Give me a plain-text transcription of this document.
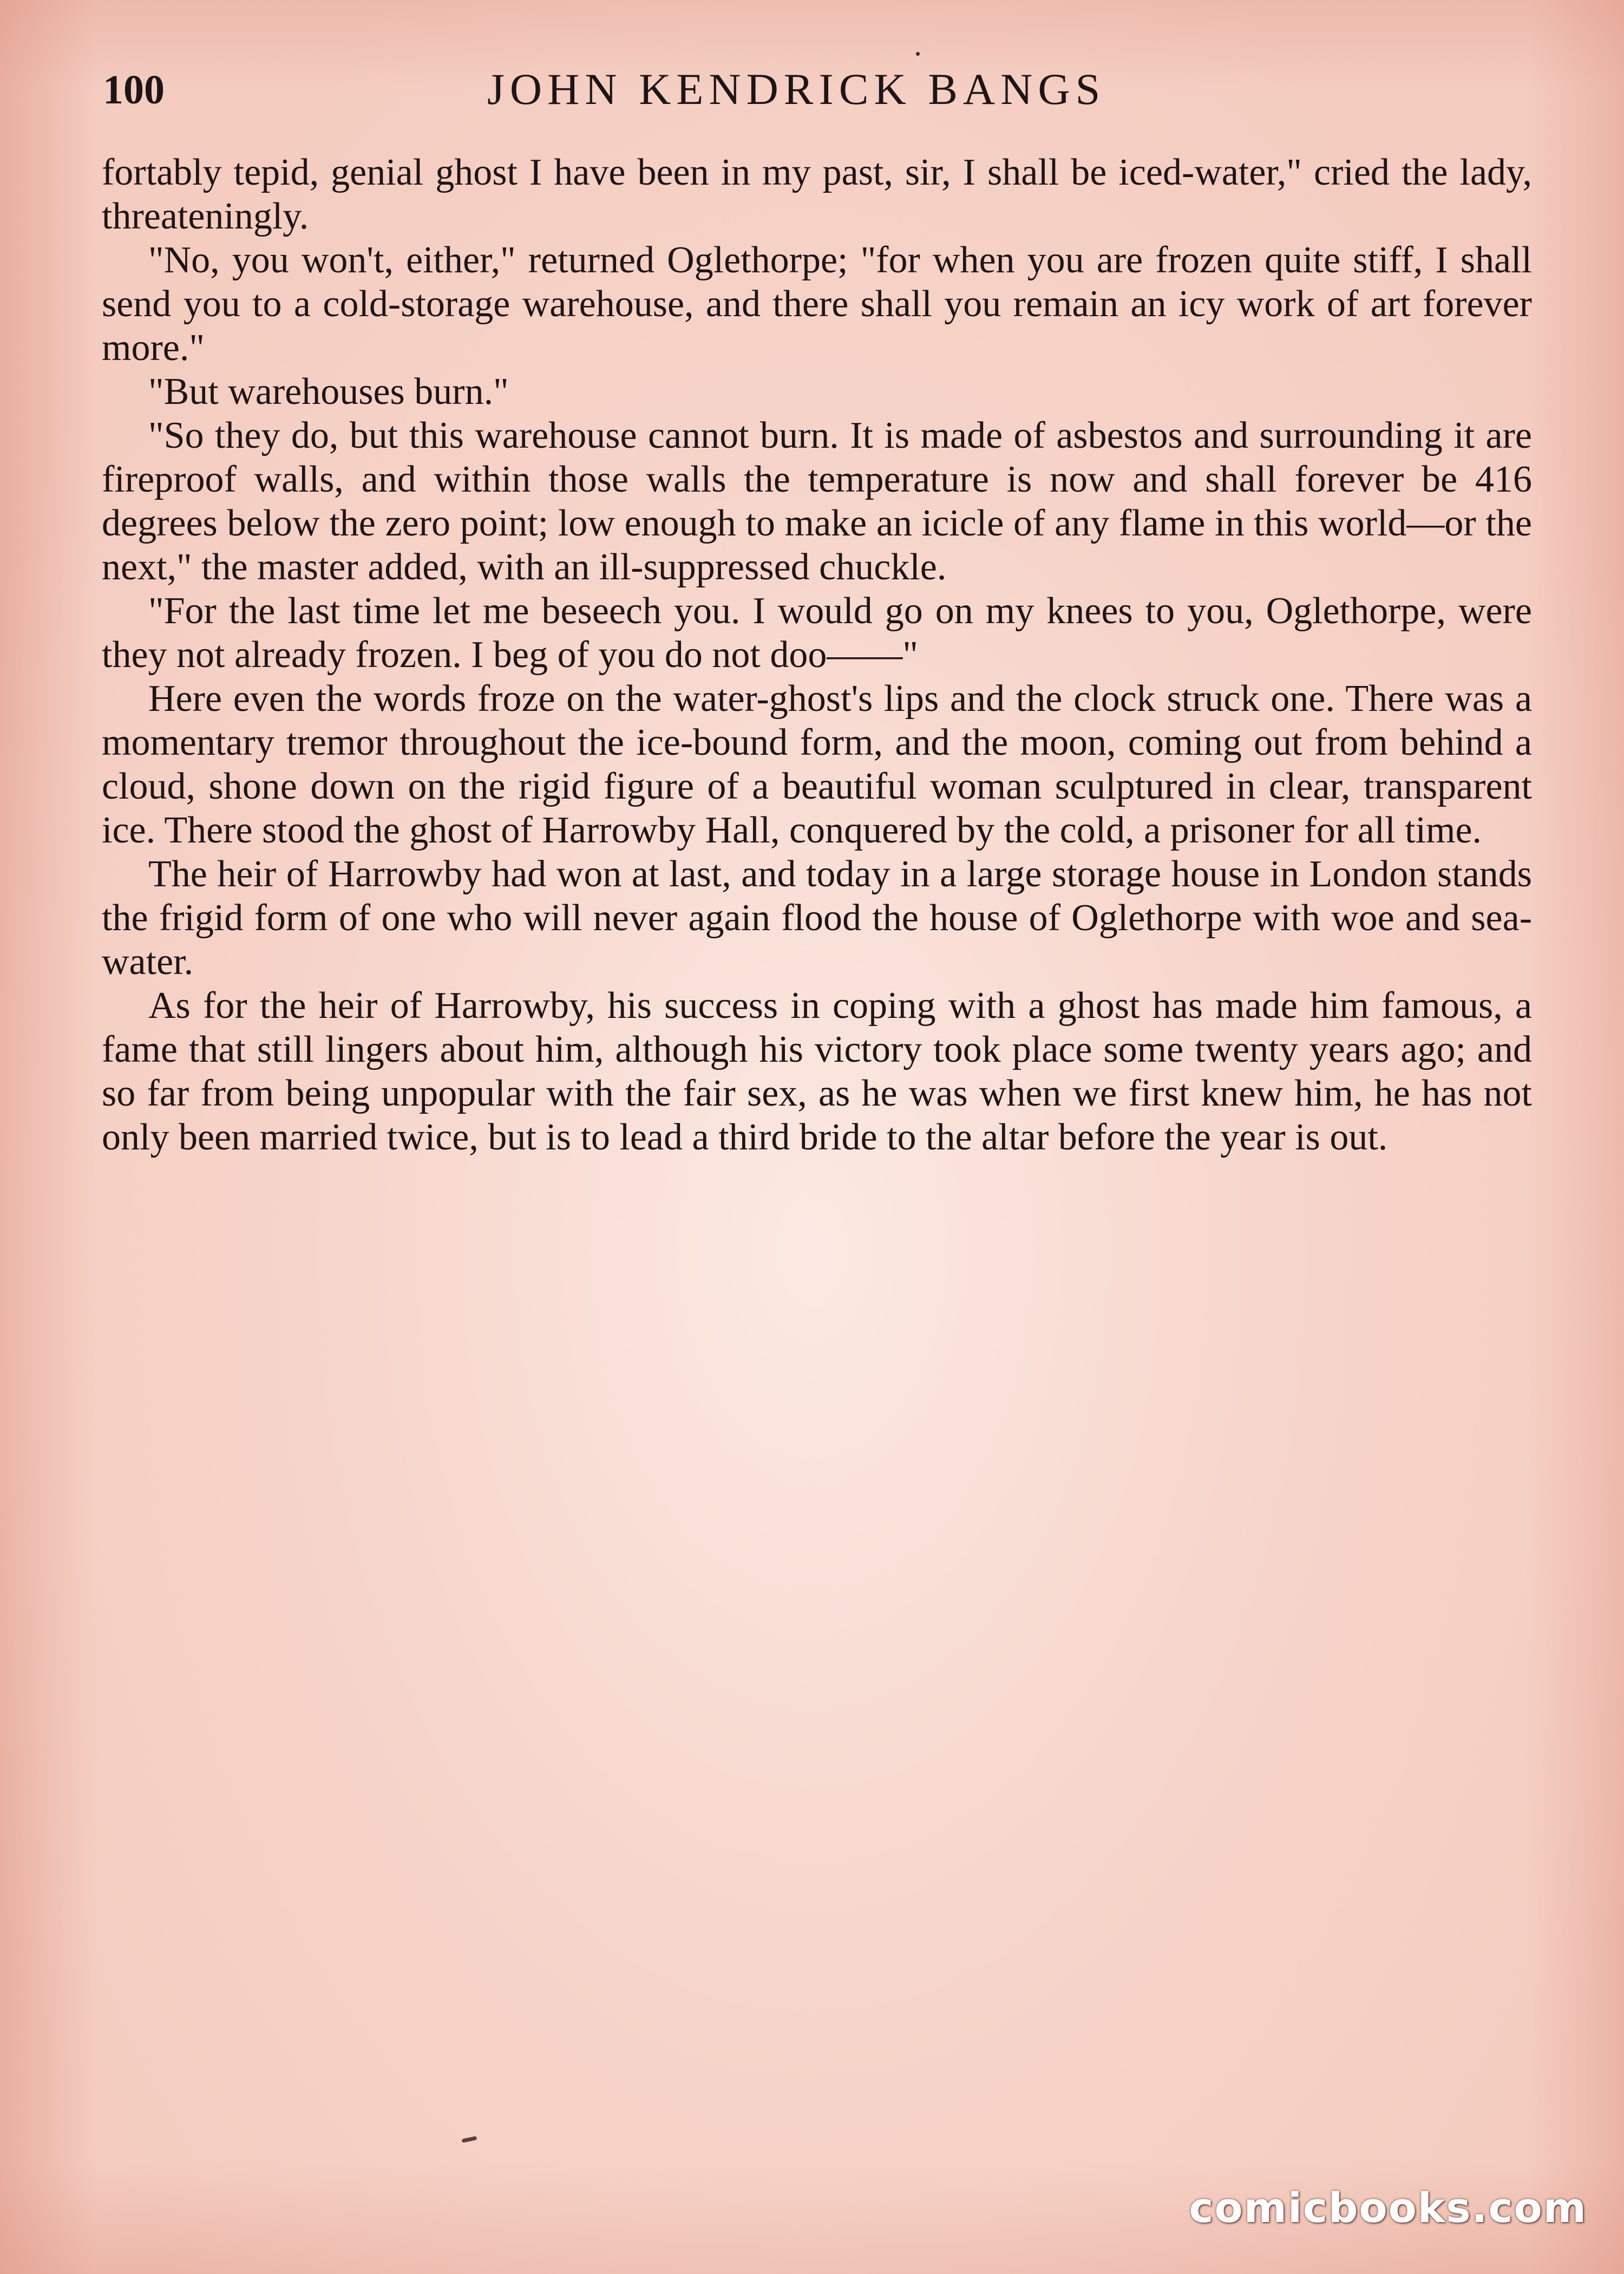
100	JOHN KENDRICK BANGS

fortably tepid, genial ghost I have been in my past, sir, I shall be iced-water," cried the lady, threateningly.

"No, you won't, either," returned Oglethorpe; "for when you are frozen quite stiff, I shall send you to a cold-storage warehouse, and there shall you remain an icy work of art forever more."

"But warehouses burn."

"So they do, but this warehouse cannot burn. It is made of asbestos and surrounding it are fireproof walls, and within those walls the temperature is now and shall forever be 416 degrees below the zero point; low enough to make an icicle of any flame in this world—or the next," the master added, with an ill-suppressed chuckle.

"For the last time let me beseech you. I would go on my knees to you, Oglethorpe, were they not already frozen. I beg of you do not doo——"

Here even the words froze on the water-ghost's lips and the clock struck one. There was a momentary tremor throughout the ice-bound form, and the moon, coming out from behind a cloud, shone down on the rigid figure of a beautiful woman sculptured in clear, transparent ice. There stood the ghost of Harrowby Hall, conquered by the cold, a prisoner for all time.

The heir of Harrowby had won at last, and today in a large storage house in London stands the frigid form of one who will never again flood the house of Oglethorpe with woe and sea-water.

As for the heir of Harrowby, his success in coping with a ghost has made him famous, a fame that still lingers about him, although his victory took place some twenty years ago; and so far from being unpopular with the fair sex, as he was when we first knew him, he has not only been married twice, but is to lead a third bride to the altar before the year is out.

comicbooks.com
